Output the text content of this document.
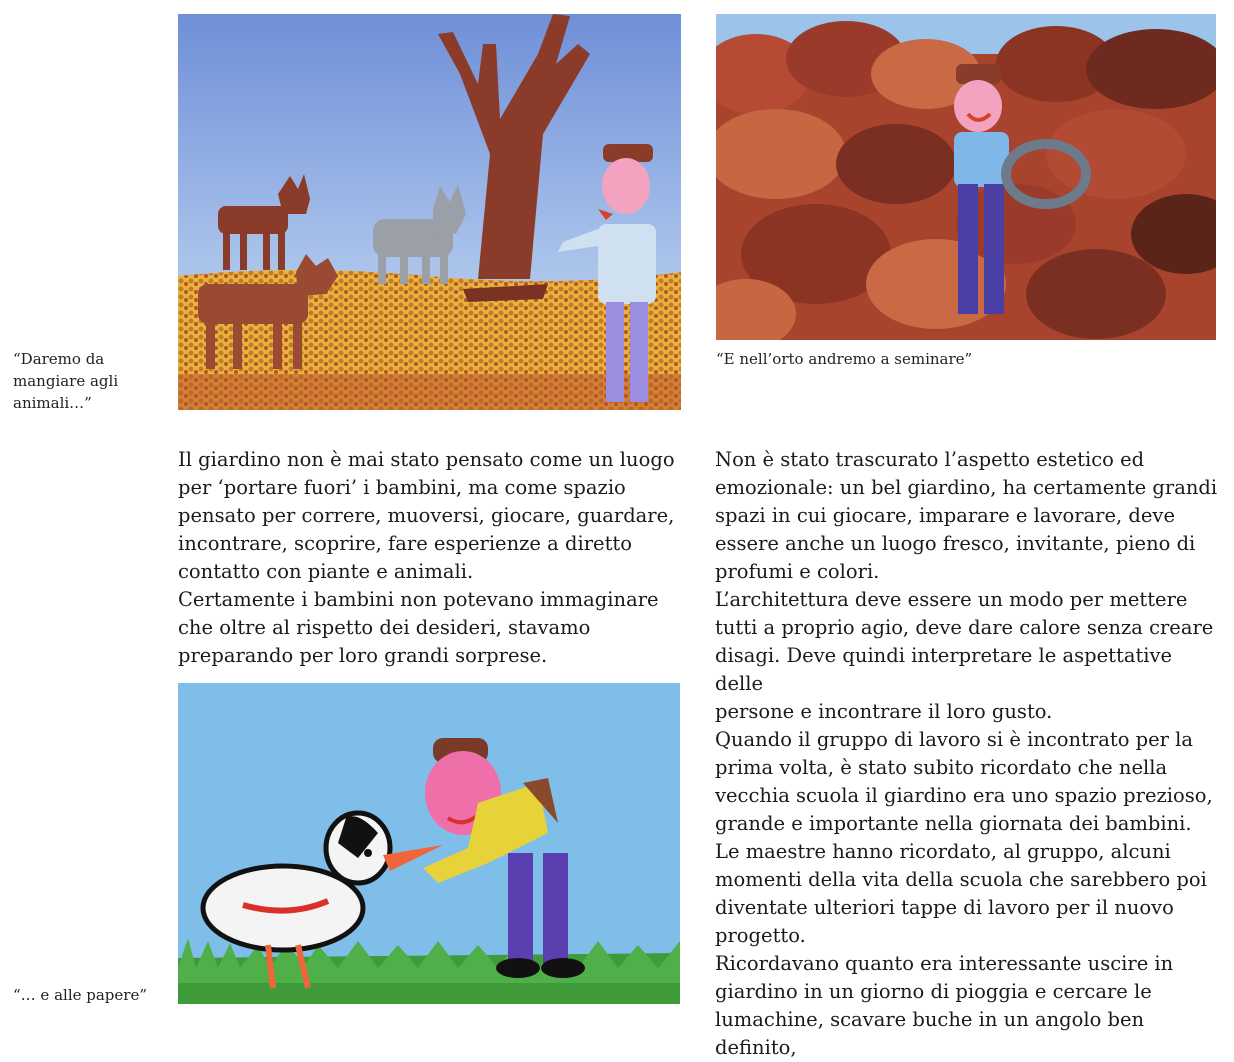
“Daremo da
mangiare agli
animali…”
“E nell’orto andremo a seminare”
“… e alle papere”
Il giardino non è mai stato pensato come un luogo
per ‘portare fuori’ i bambini, ma come spazio
pensato per correre, muoversi, giocare, guardare,
incontrare, scoprire, fare esperienze a diretto
contatto con piante e animali.
Certamente i bambini non potevano immaginare
che oltre al rispetto dei desideri, stavamo
preparando per loro grandi sorprese.
Non è stato trascurato l’aspetto estetico ed
emozionale: un bel giardino, ha certamente grandi
spazi in cui giocare, imparare e lavorare, deve
essere anche un luogo fresco, invitante, pieno di
profumi e colori.
L’architettura deve essere un modo per mettere
tutti a proprio agio, deve dare calore senza creare
disagi. Deve quindi interpretare le aspettative delle
persone e incontrare il loro gusto.
Quando il gruppo di lavoro si è incontrato per la
prima volta, è stato subito ricordato che nella
vecchia scuola il giardino era uno spazio prezioso,
grande e importante nella giornata dei bambini.
Le maestre hanno ricordato, al gruppo, alcuni
momenti della vita della scuola che sarebbero poi
diventate ulteriori tappe di lavoro per il nuovo
progetto.
Ricordavano quanto era interessante uscire in
giardino in un giorno di pioggia e cercare le
lumachine, scavare buche in un angolo ben definito,
